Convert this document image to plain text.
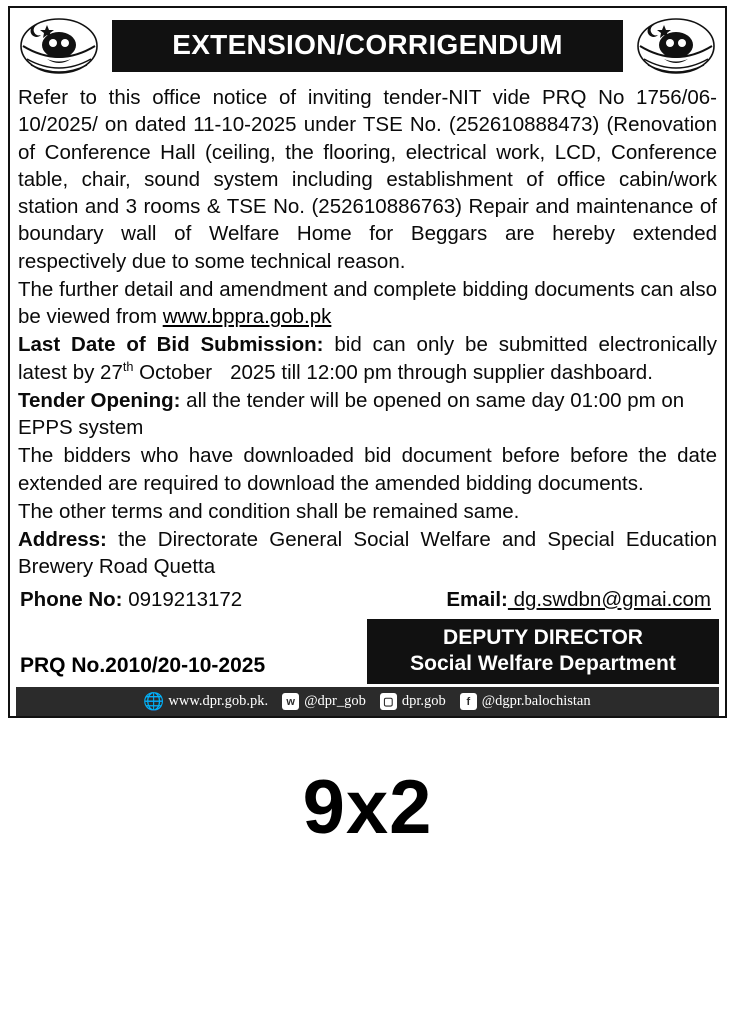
EXTENSION/CORRIGENDUM

Refer to this office notice of inviting tender-NIT vide PRQ No 1756/06-10/2025/ on dated 11-10-2025 under TSE No. (252610888473) (Renovation of Conference Hall (ceiling, the flooring, electrical work, LCD, Conference table, chair, sound system including establishment of office cabin/work station and 3 rooms & TSE No. (252610886763) Repair and maintenance of boundary wall of Welfare Home for Beggars are hereby extended respectively due to some technical reason.

The further detail and amendment and complete bidding documents can also be viewed from www.bppra.gob.pk

Last Date of Bid Submission: bid can only be submitted electronically latest by 27th October 2025 till 12:00 pm through supplier dashboard.

Tender Opening: all the tender will be opened on same day 01:00 pm on EPPS system

The bidders who have downloaded bid document before before the date extended are required to download the amended bidding documents.

The other terms and condition shall be remained same.

Address: the Directorate General Social Welfare and Special Education Brewery Road Quetta

Phone No: 0919213172	Email: dg.swdbn@gmai.com
PRQ No.2010/20-10-2025
DEPUTY DIRECTOR
Social Welfare Department
🌐 www.dpr.gob.pk.	w @dpr_gob ▢ dpr.gob	f @dgpr.balochistan
9x2
